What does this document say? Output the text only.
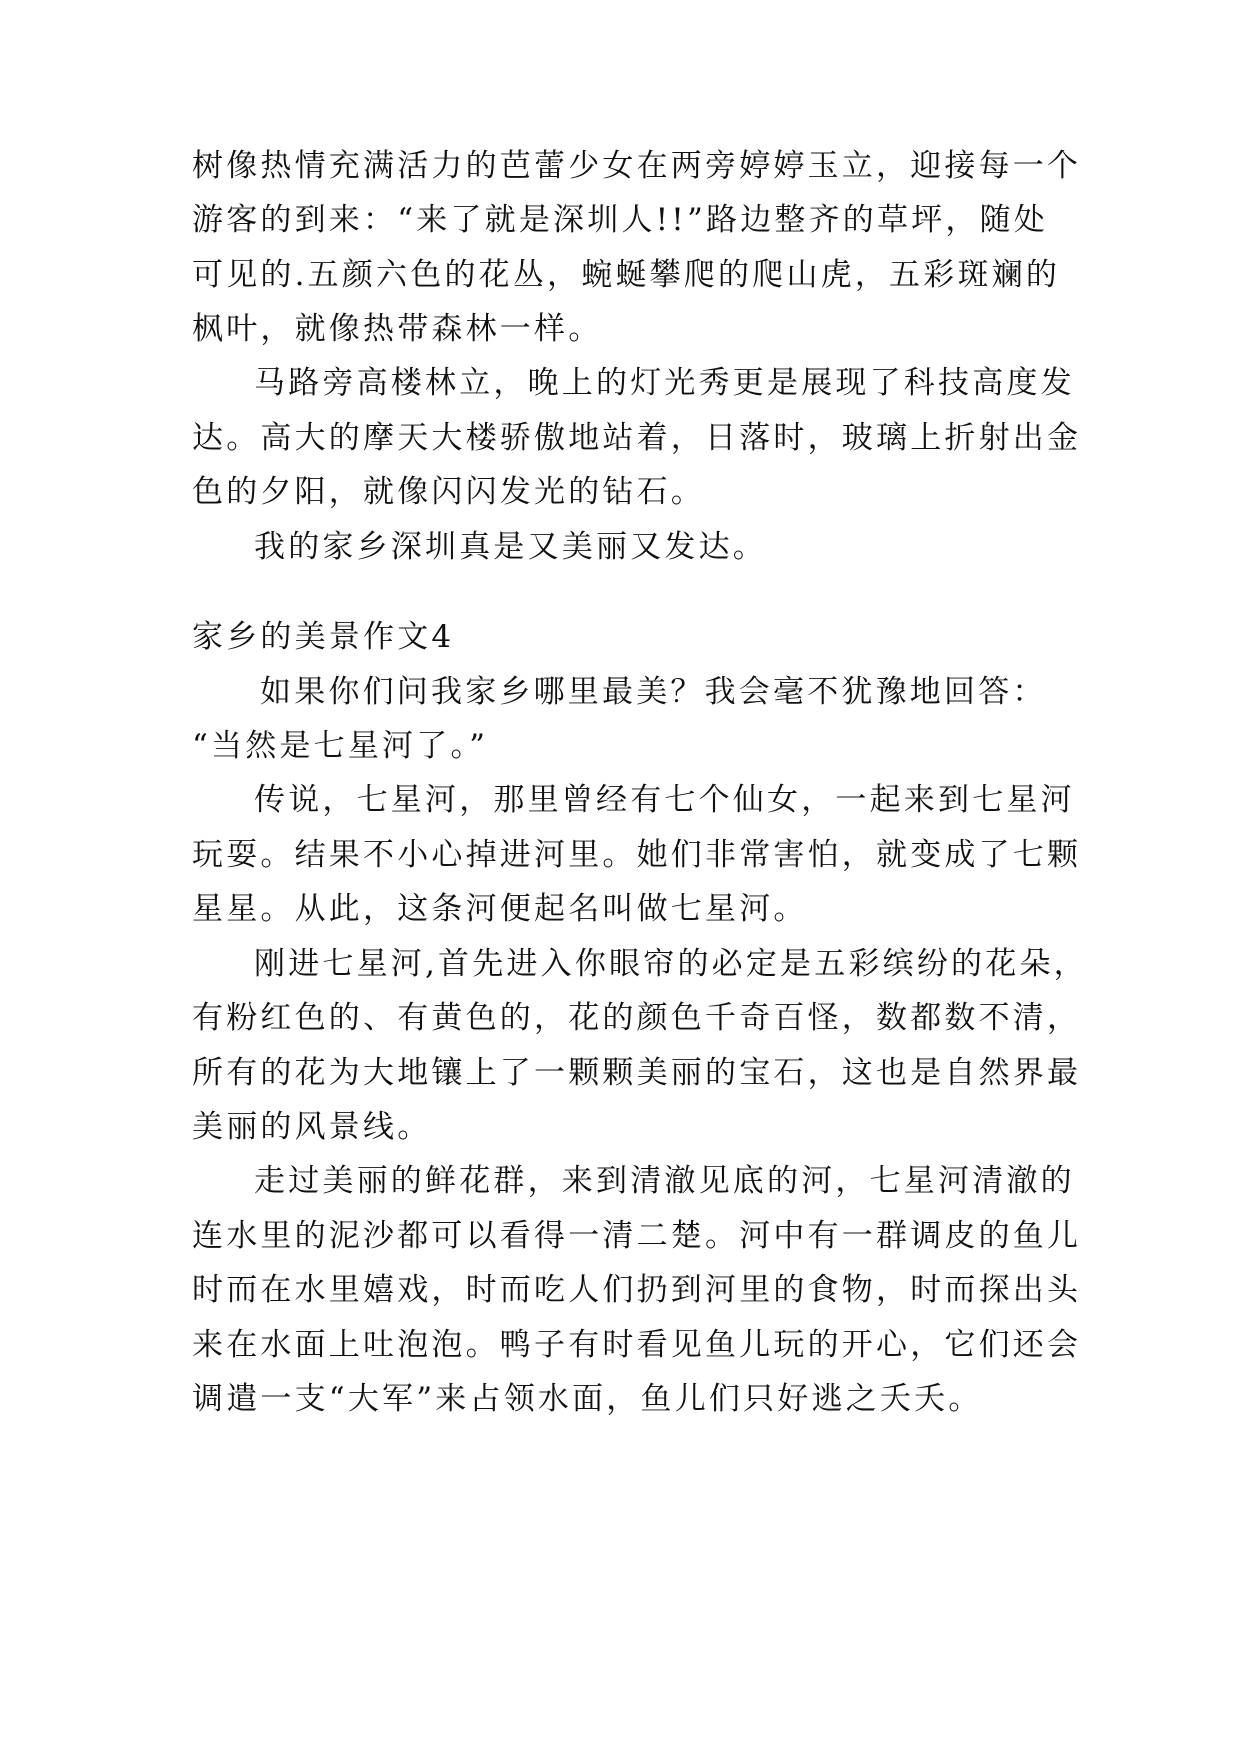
树像热情充满活力的芭蕾少女在两旁婷婷玉立，迎接每一个
游客的到来：“来了就是深圳人!!”路边整齐的草坪，随处
可见的.五颜六色的花丛，蜿蜒攀爬的爬山虎，五彩斑斓的
枫叶，就像热带森林一样。
马路旁高楼林立，晚上的灯光秀更是展现了科技高度发
达。高大的摩天大楼骄傲地站着，日落时，玻璃上折射出金
色的夕阳，就像闪闪发光的钻石。
我的家乡深圳真是又美丽又发达。
家乡的美景作文4
如果你们问我家乡哪里最美？我会毫不犹豫地回答：
“当然是七星河了。”
传说，七星河，那里曾经有七个仙女，一起来到七星河
玩耍。结果不小心掉进河里。她们非常害怕，就变成了七颗
星星。从此，这条河便起名叫做七星河。
刚进七星河,首先进入你眼帘的必定是五彩缤纷的花朵，
有粉红色的、有黄色的，花的颜色千奇百怪，数都数不清，
所有的花为大地镶上了一颗颗美丽的宝石，这也是自然界最
美丽的风景线。
走过美丽的鲜花群，来到清澈见底的河，七星河清澈的
连水里的泥沙都可以看得一清二楚。河中有一群调皮的鱼儿
时而在水里嬉戏，时而吃人们扔到河里的食物，时而探出头
来在水面上吐泡泡。鸭子有时看见鱼儿玩的开心，它们还会
调遣一支“大军”来占领水面，鱼儿们只好逃之夭夭。
